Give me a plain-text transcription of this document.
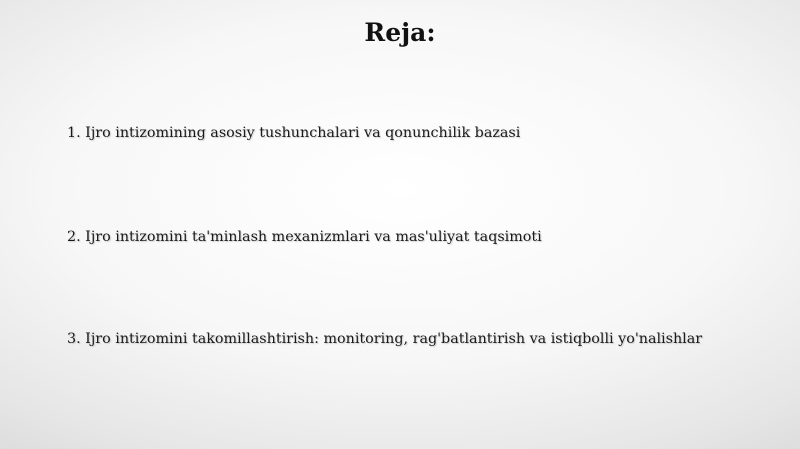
Reja:

1. Ijro intizomining asosiy tushunchalari va qonunchilik bazasi

2. Ijro intizomini ta'minlash mexanizmlari va mas'uliyat taqsimoti

3. Ijro intizomini takomillashtirish: monitoring, rag'batlantirish va istiqbolli yo'nalishlar
